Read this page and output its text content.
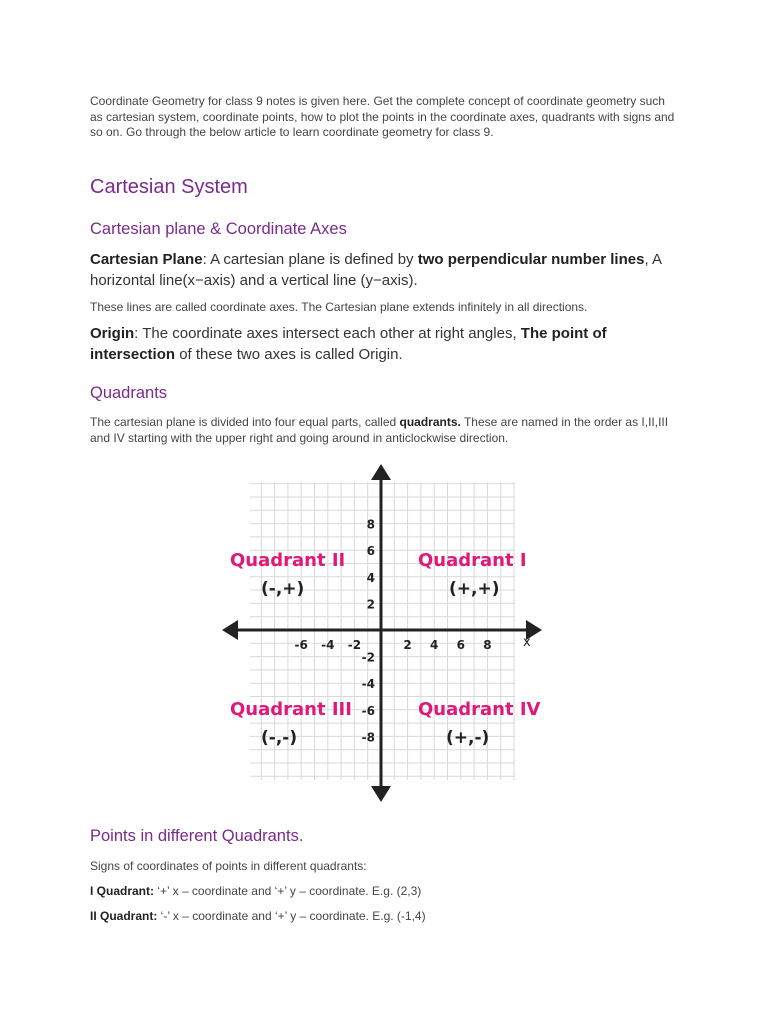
Coordinate Geometry for class 9 notes is given here. Get the complete concept of coordinate geometry such as cartesian system, coordinate points, how to plot the points in the coordinate axes, quadrants with signs and so on. Go through the below article to learn coordinate geometry for class 9.

Cartesian System
Cartesian plane & Coordinate Axes

Cartesian Plane: A cartesian plane is defined by two perpendicular number lines, A horizontal line(x−axis) and a vertical line (y−axis).

These lines are called coordinate axes. The Cartesian plane extends infinitely in all directions.

Origin: The coordinate axes intersect each other at right angles, The point of intersection of these two axes is called Origin.

Quadrants

The cartesian plane is divided into four equal parts, called quadrants. These are named in the order as I,II,III and IV starting with the upper right and going around in anticlockwise direction.

Points in different Quadrants.

Signs of coordinates of points in different quadrants:

I Quadrant: ‘+’ x – coordinate and ‘+’ y – coordinate. E.g. (2,3)

II Quadrant: ‘-’ x – coordinate and ‘+’ y – coordinate. E.g. (-1,4)

-6 -4 -2	2 4 6 8
8
6
4
2
-2
-4
-6
-8
x
Quadrant II
(-,+)
Quadrant I
(+,+)
Quadrant III
(-,-)
Quadrant IV
(+,-)
